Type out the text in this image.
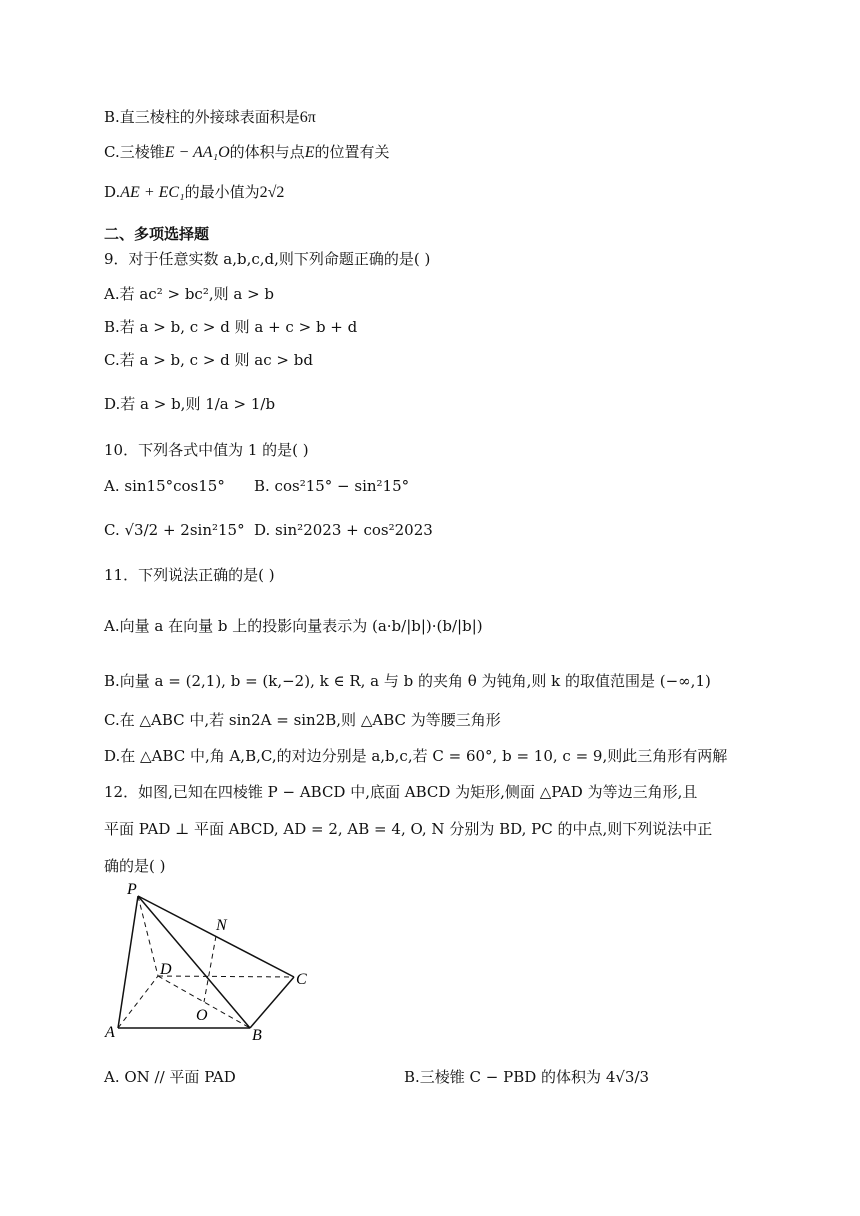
B.直三棱柱的外接球表面积是6π
C.三棱锥E − AA₁O的体积与点E的位置有关
D.AE + EC₁的最小值为2√2
二、多项选择题
9．对于任意实数 a,b,c,d,则下列命题正确的是( )
A.若 ac² > bc²,则 a > b
B.若 a > b, c > d 则 a + c > b + d
C.若 a > b, c > d 则 ac > bd
D.若 a > b,则 1/a > 1/b
10．下列各式中值为 1 的是( )
A. sin15°cos15° B. cos²15° − sin²15°
C. √3/2 + 2sin²15° D. sin²2023 + cos²2023
11．下列说法正确的是( )
A.向量 a 在向量 b 上的投影向量表示为 (a·b/|b|)·(b/|b|)
B.向量 a = (2,1), b = (k,−2), k ∈ R, a 与 b 的夹角 θ 为钝角,则 k 的取值范围是 (−∞,1)
C.在 △ABC 中,若 sin2A = sin2B,则 △ABC 为等腰三角形
D.在 △ABC 中,角 A,B,C,的对边分别是 a,b,c,若 C = 60°, b = 10, c = 9,则此三角形有两解
12．如图,已知在四棱锥 P − ABCD 中,底面 ABCD 为矩形,侧面 △PAD 为等边三角形,且
平面 PAD ⊥ 平面 ABCD, AD = 2, AB = 4, O, N 分别为 BD, PC 的中点,则下列说法中正
确的是( )
P
N
D
C
O
A	B
A. ON // 平面 PAD	B.三棱锥 C − PBD 的体积为 4√3/3
